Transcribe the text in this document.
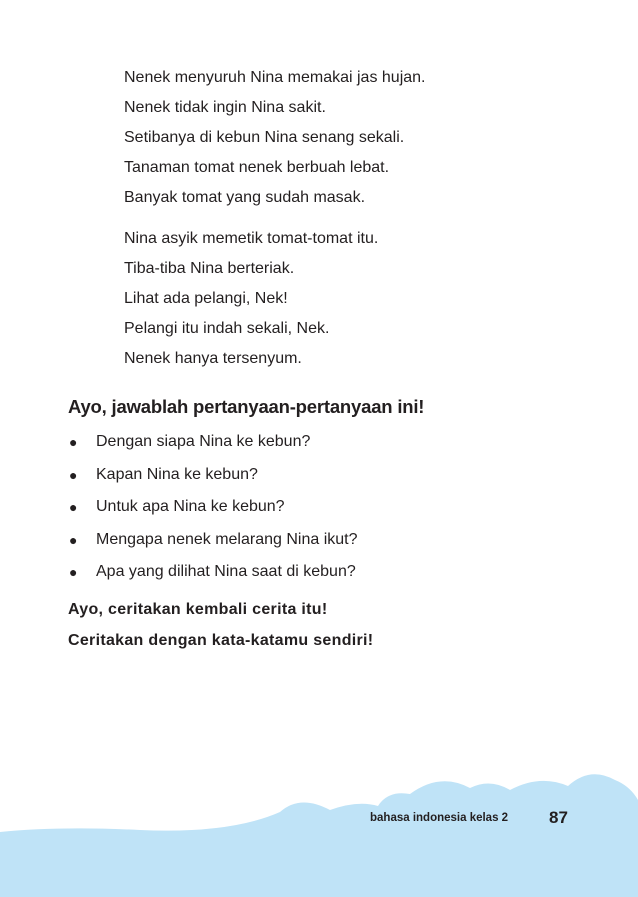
Nenek menyuruh Nina memakai jas hujan.
Nenek tidak ingin Nina sakit.
Setibanya di kebun Nina senang sekali.
Tanaman tomat nenek berbuah lebat.
Banyak tomat yang sudah masak.
Nina asyik memetik tomat-tomat itu.
Tiba-tiba Nina berteriak.
Lihat ada pelangi, Nek!
Pelangi itu indah sekali, Nek.
Nenek hanya tersenyum.
Ayo, jawablah pertanyaan-pertanyaan ini!
● Dengan siapa Nina ke kebun?
● Kapan Nina ke kebun?
● Untuk apa Nina ke kebun?
● Mengapa nenek melarang Nina ikut?
● Apa yang dilihat Nina saat di kebun?
Ayo, ceritakan kembali cerita itu!
Ceritakan dengan kata-katamu sendiri!
bahasa indonesia kelas 2 87
